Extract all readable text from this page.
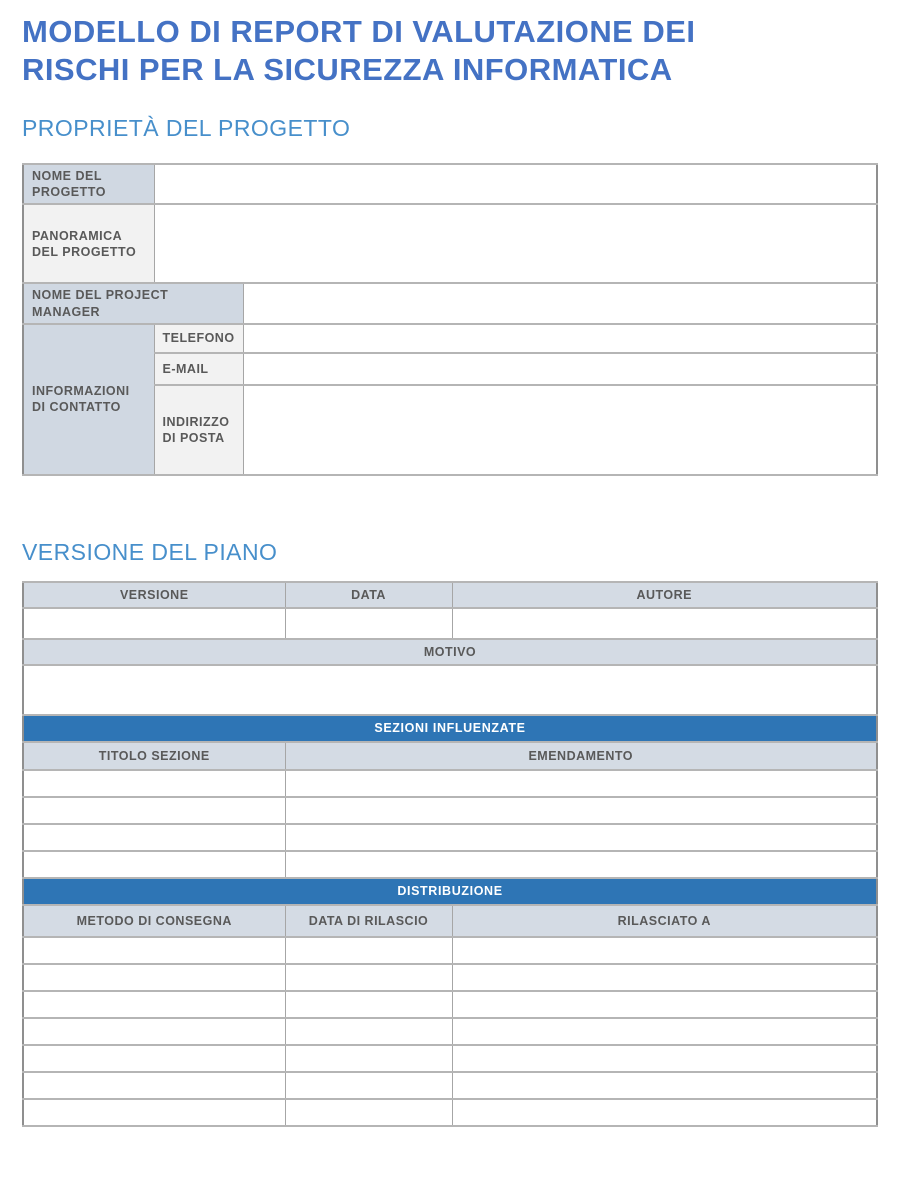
MODELLO DI REPORT DI VALUTAZIONE DEI
RISCHI PER LA SICUREZZA INFORMATICA
PROPRIETÀ DEL PROGETTO
NOME DEL PROGETTO		
PANORAMICA DEL PROGETTO		
NOME DEL PROJECT MANAGER		
INFORMAZIONI DI CONTATTO	TELEFONO	
	E-MAIL	
	INDIRIZZO DI POSTA	
VERSIONE DEL PIANO
VERSIONE	DATA	AUTORE

MOTIVO		

SEZIONI INFLUENZATE		
TITOLO SEZIONE	EMENDAMENTO	

DISTRIBUZIONE		
METODO DI CONSEGNA	DATA DI RILASCIO	RILASCIATO A
